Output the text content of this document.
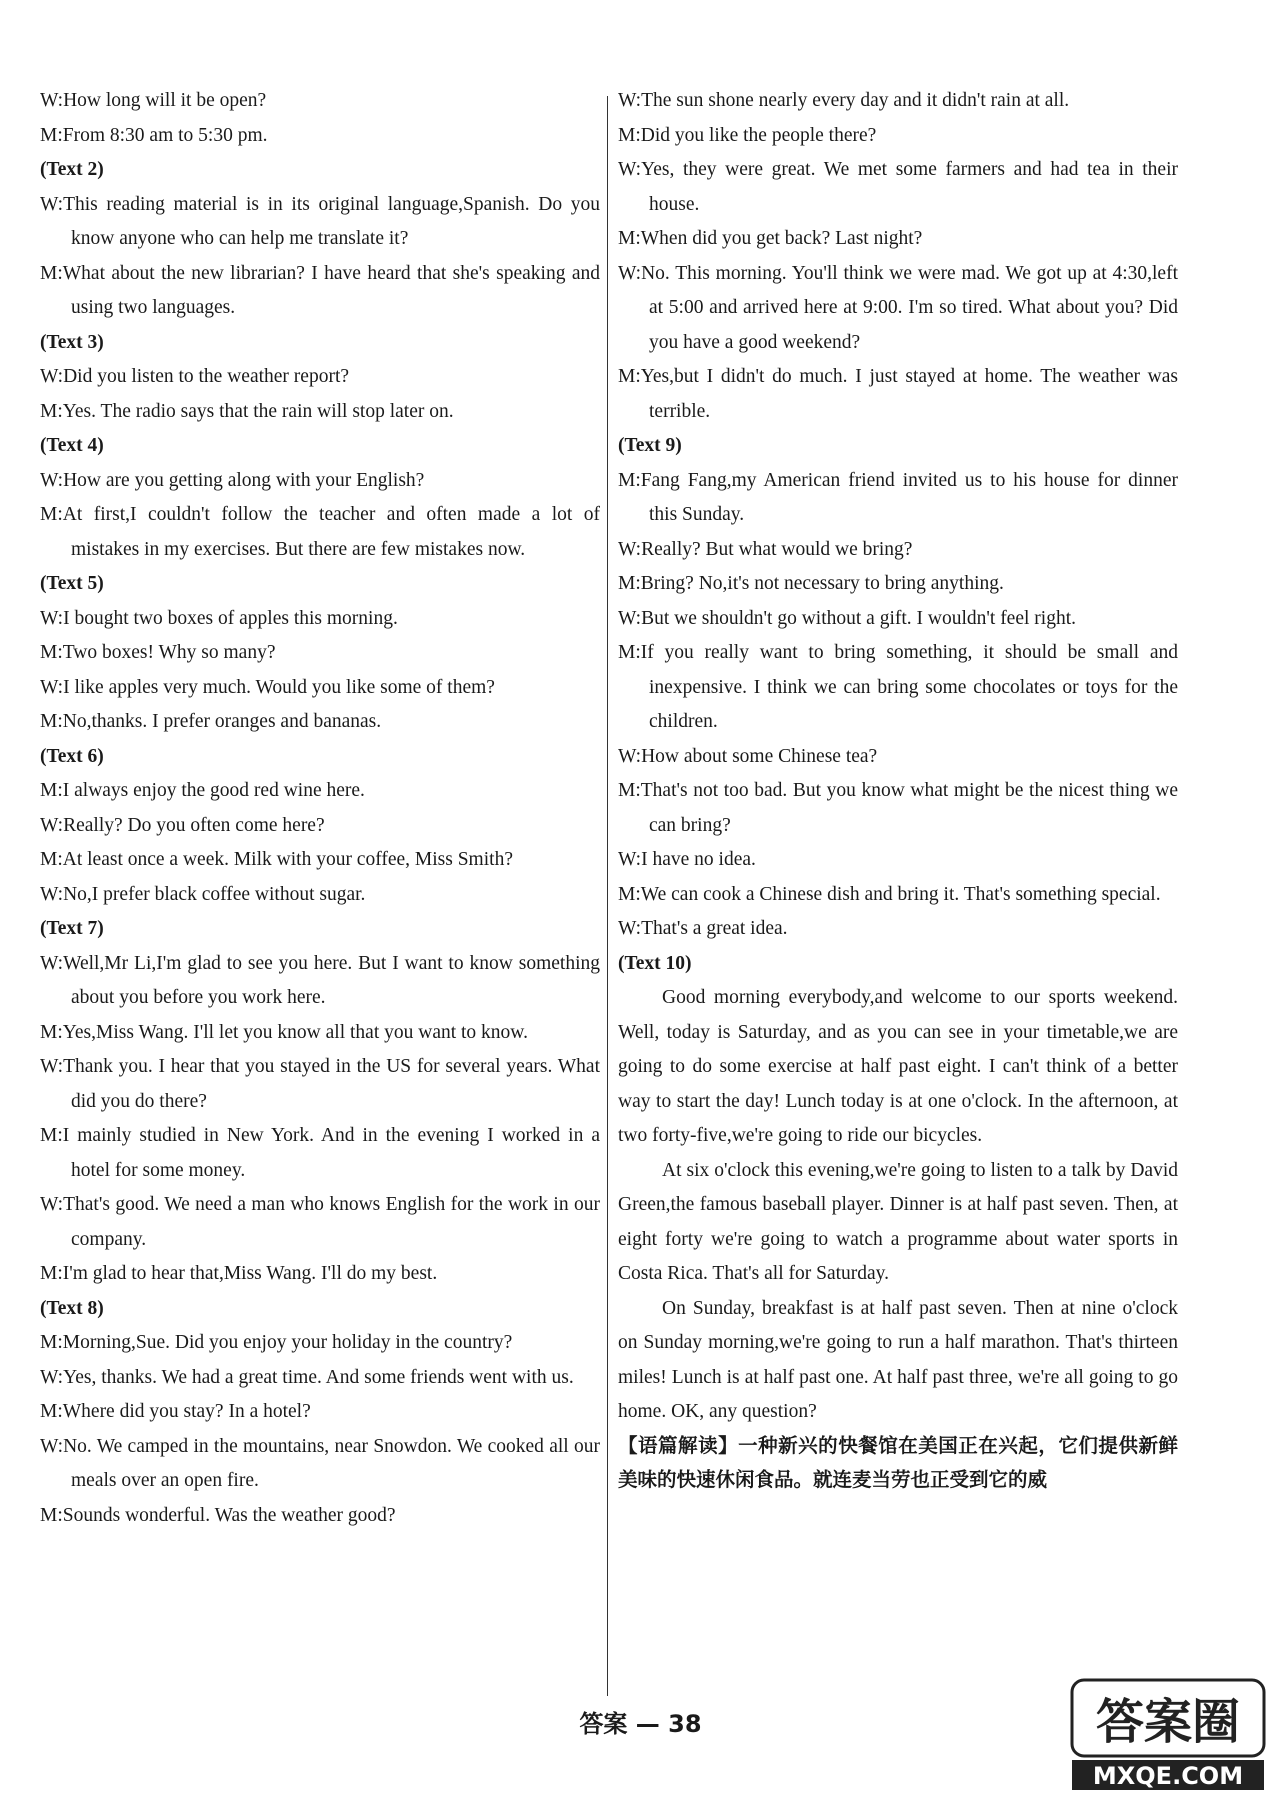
W:How long will it be open?
M:From 8:30 am to 5:30 pm.
(Text 2)
W:This reading material is in its original language,Spanish. Do you know anyone who can help me translate it?
M:What about the new librarian? I have heard that she's speaking and using two languages.
(Text 3)
W:Did you listen to the weather report?
M:Yes. The radio says that the rain will stop later on.
(Text 4)
W:How are you getting along with your English?
M:At first,I couldn't follow the teacher and often made a lot of mistakes in my exercises. But there are few mistakes now.
(Text 5)
W:I bought two boxes of apples this morning.
M:Two boxes! Why so many?
W:I like apples very much. Would you like some of them?
M:No,thanks. I prefer oranges and bananas.
(Text 6)
M:I always enjoy the good red wine here.
W:Really? Do you often come here?
M:At least once a week. Milk with your coffee, Miss Smith?
W:No,I prefer black coffee without sugar.
(Text 7)
W:Well,Mr Li,I'm glad to see you here. But I want to know something about you before you work here.
M:Yes,Miss Wang. I'll let you know all that you want to know.
W:Thank you. I hear that you stayed in the US for several years. What did you do there?
M:I mainly studied in New York. And in the evening I worked in a hotel for some money.
W:That's good. We need a man who knows English for the work in our company.
M:I'm glad to hear that,Miss Wang. I'll do my best.
(Text 8)
M:Morning,Sue. Did you enjoy your holiday in the country?
W:Yes, thanks. We had a great time. And some friends went with us.
M:Where did you stay? In a hotel?
W:No. We camped in the mountains, near Snowdon. We cooked all our meals over an open fire.
M:Sounds wonderful. Was the weather good?
W:The sun shone nearly every day and it didn't rain at all.
M:Did you like the people there?
W:Yes, they were great. We met some farmers and had tea in their house.
M:When did you get back? Last night?
W:No. This morning. You'll think we were mad. We got up at 4:30,left at 5:00 and arrived here at 9:00. I'm so tired. What about you? Did you have a good weekend?
M:Yes,but I didn't do much. I just stayed at home. The weather was terrible.
(Text 9)
M:Fang Fang,my American friend invited us to his house for dinner this Sunday.
W:Really? But what would we bring?
M:Bring? No,it's not necessary to bring anything.
W:But we shouldn't go without a gift. I wouldn't feel right.
M:If you really want to bring something, it should be small and inexpensive. I think we can bring some chocolates or toys for the children.
W:How about some Chinese tea?
M:That's not too bad. But you know what might be the nicest thing we can bring?
W:I have no idea.
M:We can cook a Chinese dish and bring it. That's something special.
W:That's a great idea.
(Text 10)
Good morning everybody,and welcome to our sports weekend. Well, today is Saturday, and as you can see in your timetable,we are going to do some exercise at half past eight. I can't think of a better way to start the day! Lunch today is at one o'clock. In the afternoon, at two forty-five,we're going to ride our bicycles.
At six o'clock this evening,we're going to listen to a talk by David Green,the famous baseball player. Dinner is at half past seven. Then, at eight forty we're going to watch a programme about water sports in Costa Rica. That's all for Saturday.
On Sunday, breakfast is at half past seven. Then at nine o'clock on Sunday morning,we're going to run a half marathon. That's thirteen miles! Lunch is at half past one. At half past three, we're all going to go home. OK, any question?
【语篇解读】一种新兴的快餐馆在美国正在兴起，它们提供新鲜美味的快速休闲食品。就连麦当劳也正受到它的威
答案 — 38	答案圈
MXQE.COM
